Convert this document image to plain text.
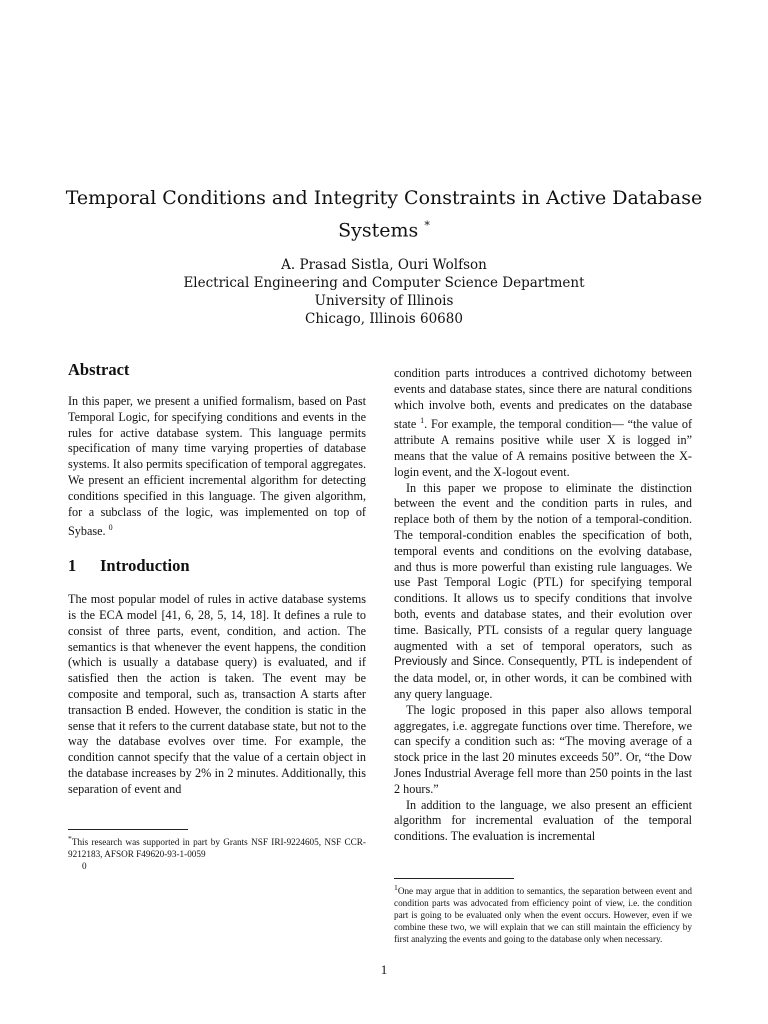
Temporal Conditions and Integrity Constraints in Active Database
Systems *
A. Prasad Sistla, Ouri Wolfson
Electrical Engineering and Computer Science Department
University of Illinois
Chicago, Illinois 60680
Abstract

In this paper, we present a unified formalism, based on Past Temporal Logic, for specifying conditions and events in the rules for active database system. This language permits specification of many time varying properties of database systems. It also permits specification of temporal aggregates. We present an efficient incremental algorithm for detecting conditions specified in this language. The given algorithm, for a subclass of the logic, was implemented on top of Sybase. $^0$

1 Introduction

The most popular model of rules in active database systems is the ECA model [41, 6, 28, 5, 14, 18]. It defines a rule to consist of three parts, event, condition, and action. The semantics is that whenever the event happens, the condition (which is usually a database query) is evaluated, and if satisfied then the action is taken. The event may be composite and temporal, such as, transaction A starts after transaction B ended. However, the condition is static in the sense that it refers to the current database state, but not to the way the database evolves over time. For example, the condition cannot specify that the value of a certain object in the database increases by 2% in 2 minutes. Additionally, this separation of event and

condition parts introduces a contrived dichotomy between events and database states, since there are natural conditions which involve both, events and predicates on the database state $^1$. For example, the temporal condition— “the value of attribute A remains positive while user X is logged in” means that the value of A remains positive between the X-login event, and the X-logout event.

In this paper we propose to eliminate the distinction between the event and the condition parts in rules, and replace both of them by the notion of a temporal-condition. The temporal-condition enables the specification of both, temporal events and conditions on the evolving database, and thus is more powerful than existing rule languages. We use Past Temporal Logic (PTL) for specifying temporal conditions. It allows us to specify conditions that involve both, events and database states, and their evolution over time. Basically, PTL consists of a regular query language augmented with a set of temporal operators, such as Previously and Since. Consequently, PTL is independent of the data model, or, in other words, it can be combined with any query language.

The logic proposed in this paper also allows temporal aggregates, i.e. aggregate functions over time. Therefore, we can specify a condition such as: “The moving average of a stock price in the last 20 minutes exceeds 50”. Or, “the Dow Jones Industrial Average fell more than 250 points in the last 2 hours.”

In addition to the language, we also present an efficient algorithm for incremental evaluation of the temporal conditions. The evaluation is incremental

*This research was supported in part by Grants NSF IRI-9224605, NSF CCR-9212183, AFSOR F49620-93-1-0059
0
$^1$One may argue that in addition to semantics, the separation between event and condition parts was advocated from efficiency point of view, i.e. the condition part is going to be evaluated only when the event occurs. However, even if we combine these two, we will explain that we can still maintain the efficiency by first analyzing the events and going to the database only when necessary.
1
